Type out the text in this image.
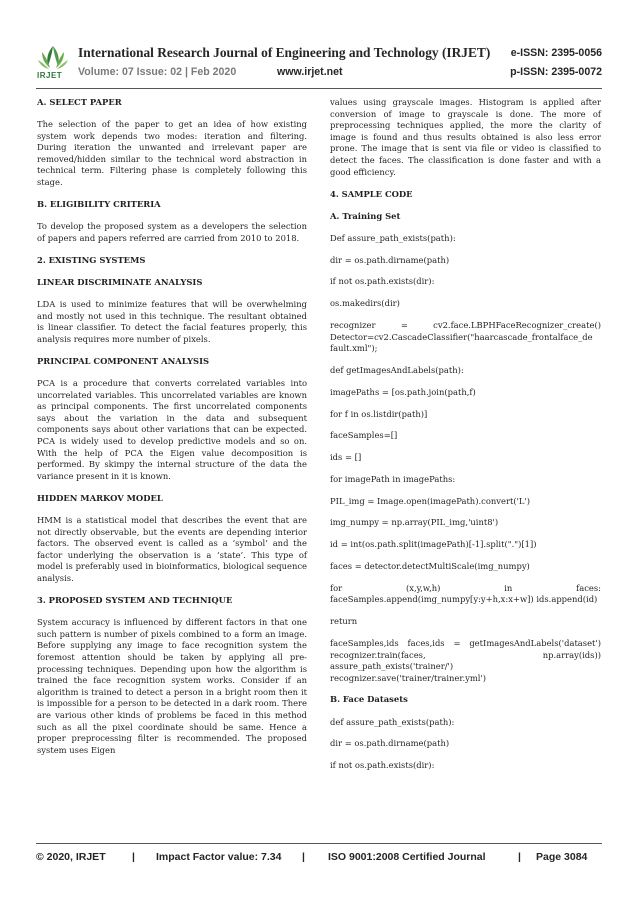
IRJET
International Research Journal of Engineering and Technology (IRJET) e-ISSN: 2395-0056
Volume: 07 Issue: 02 | Feb 2020	www.irjet.net	p-ISSN: 2395-0072
A. SELECT PAPER
The selection of the paper to get an idea of how existing system work depends two modes: iteration and filtering. During iteration the unwanted and irrelevant paper are removed/hidden similar to the technical word abstraction in technical term. Filtering phase is completely following this stage.
B. ELIGIBILITY CRITERIA
To develop the proposed system as a developers the selection of papers and papers referred are carried from 2010 to 2018.
2. EXISTING SYSTEMS
LINEAR DISCRIMINATE ANALYSIS
LDA is used to minimize features that will be overwhelming and mostly not used in this technique. The resultant obtained is linear classifier. To detect the facial features properly, this analysis requires more number of pixels.
PRINCIPAL COMPONENT ANALYSIS
PCA is a procedure that converts correlated variables into uncorrelated variables. This uncorrelated variables are known as principal components. The first uncorrelated components says about the variation in the data and subsequent components says about other variations that can be expected. PCA is widely used to develop predictive models and so on. With the help of PCA the Eigen value decomposition is performed. By skimpy the internal structure of the data the variance present in it is known.
HIDDEN MARKOV MODEL
HMM is a statistical model that describes the event that are not directly observable, but the events are depending interior factors. The observed event is called as a ‘symbol’ and the factor underlying the observation is a ‘state’. This type of model is preferably used in bioinformatics, biological sequence analysis.
3. PROPOSED SYSTEM AND TECHNIQUE
System accuracy is influenced by different factors in that one such pattern is number of pixels combined to a form an image. Before supplying any image to face recognition system the foremost attention should be taken by applying all pre-processing techniques. Depending upon how the algorithm is trained the face recognition system works. Consider if an algorithm is trained to detect a person in a bright room then it is impossible for a person to be detected in a dark room. There are various other kinds of problems be faced in this method such as all the pixel coordinate should be same. Hence a proper preprocessing filter is recommended. The proposed system uses Eigen
values using grayscale images. Histogram is applied after conversion of image to grayscale is done. The more of preprocessing techniques applied, the more the clarity of image is found and thus results obtained is also less error prone. The image that is sent via file or video is classified to detect the faces. The classification is done faster and with a good efficiency.
4. SAMPLE CODE
A. Training Set
Def assure_path_exists(path):
dir = os.path.dirname(path)
if not os.path.exists(dir):
os.makedirs(dir)
recognizer = cv2.face.LBPHFaceRecognizer_create() Detector=cv2.CascadeClassifier("haarcascade_frontalface_de fault.xml");
def getImagesAndLabels(path):
imagePaths = [os.path.join(path,f)
for f in os.listdir(path)]
faceSamples=[]
ids = []
for imagePath in imagePaths:
PIL_img = Image.open(imagePath).convert('L')
img_numpy = np.array(PIL_img,'uint8')
id = int(os.path.split(imagePath)[-1].split(".")[1])
faces = detector.detectMultiScale(img_numpy)
for (x,y,w,h) in faces: faceSamples.append(img_numpy[y:y+h,x:x+w]) ids.append(id)
return
faceSamples,ids faces,ids = getImagesAndLabels('dataset') recognizer.train(faces, np.array(ids)) assure_path_exists('trainer/') recognizer.save('trainer/trainer.yml')
B. Face Datasets
def assure_path_exists(path):
dir = os.path.dirname(path)
if not os.path.exists(dir):
© 2020, IRJET	| Impact Factor value: 7.34 | ISO 9001:2008 Certified Journal	| Page 3084
